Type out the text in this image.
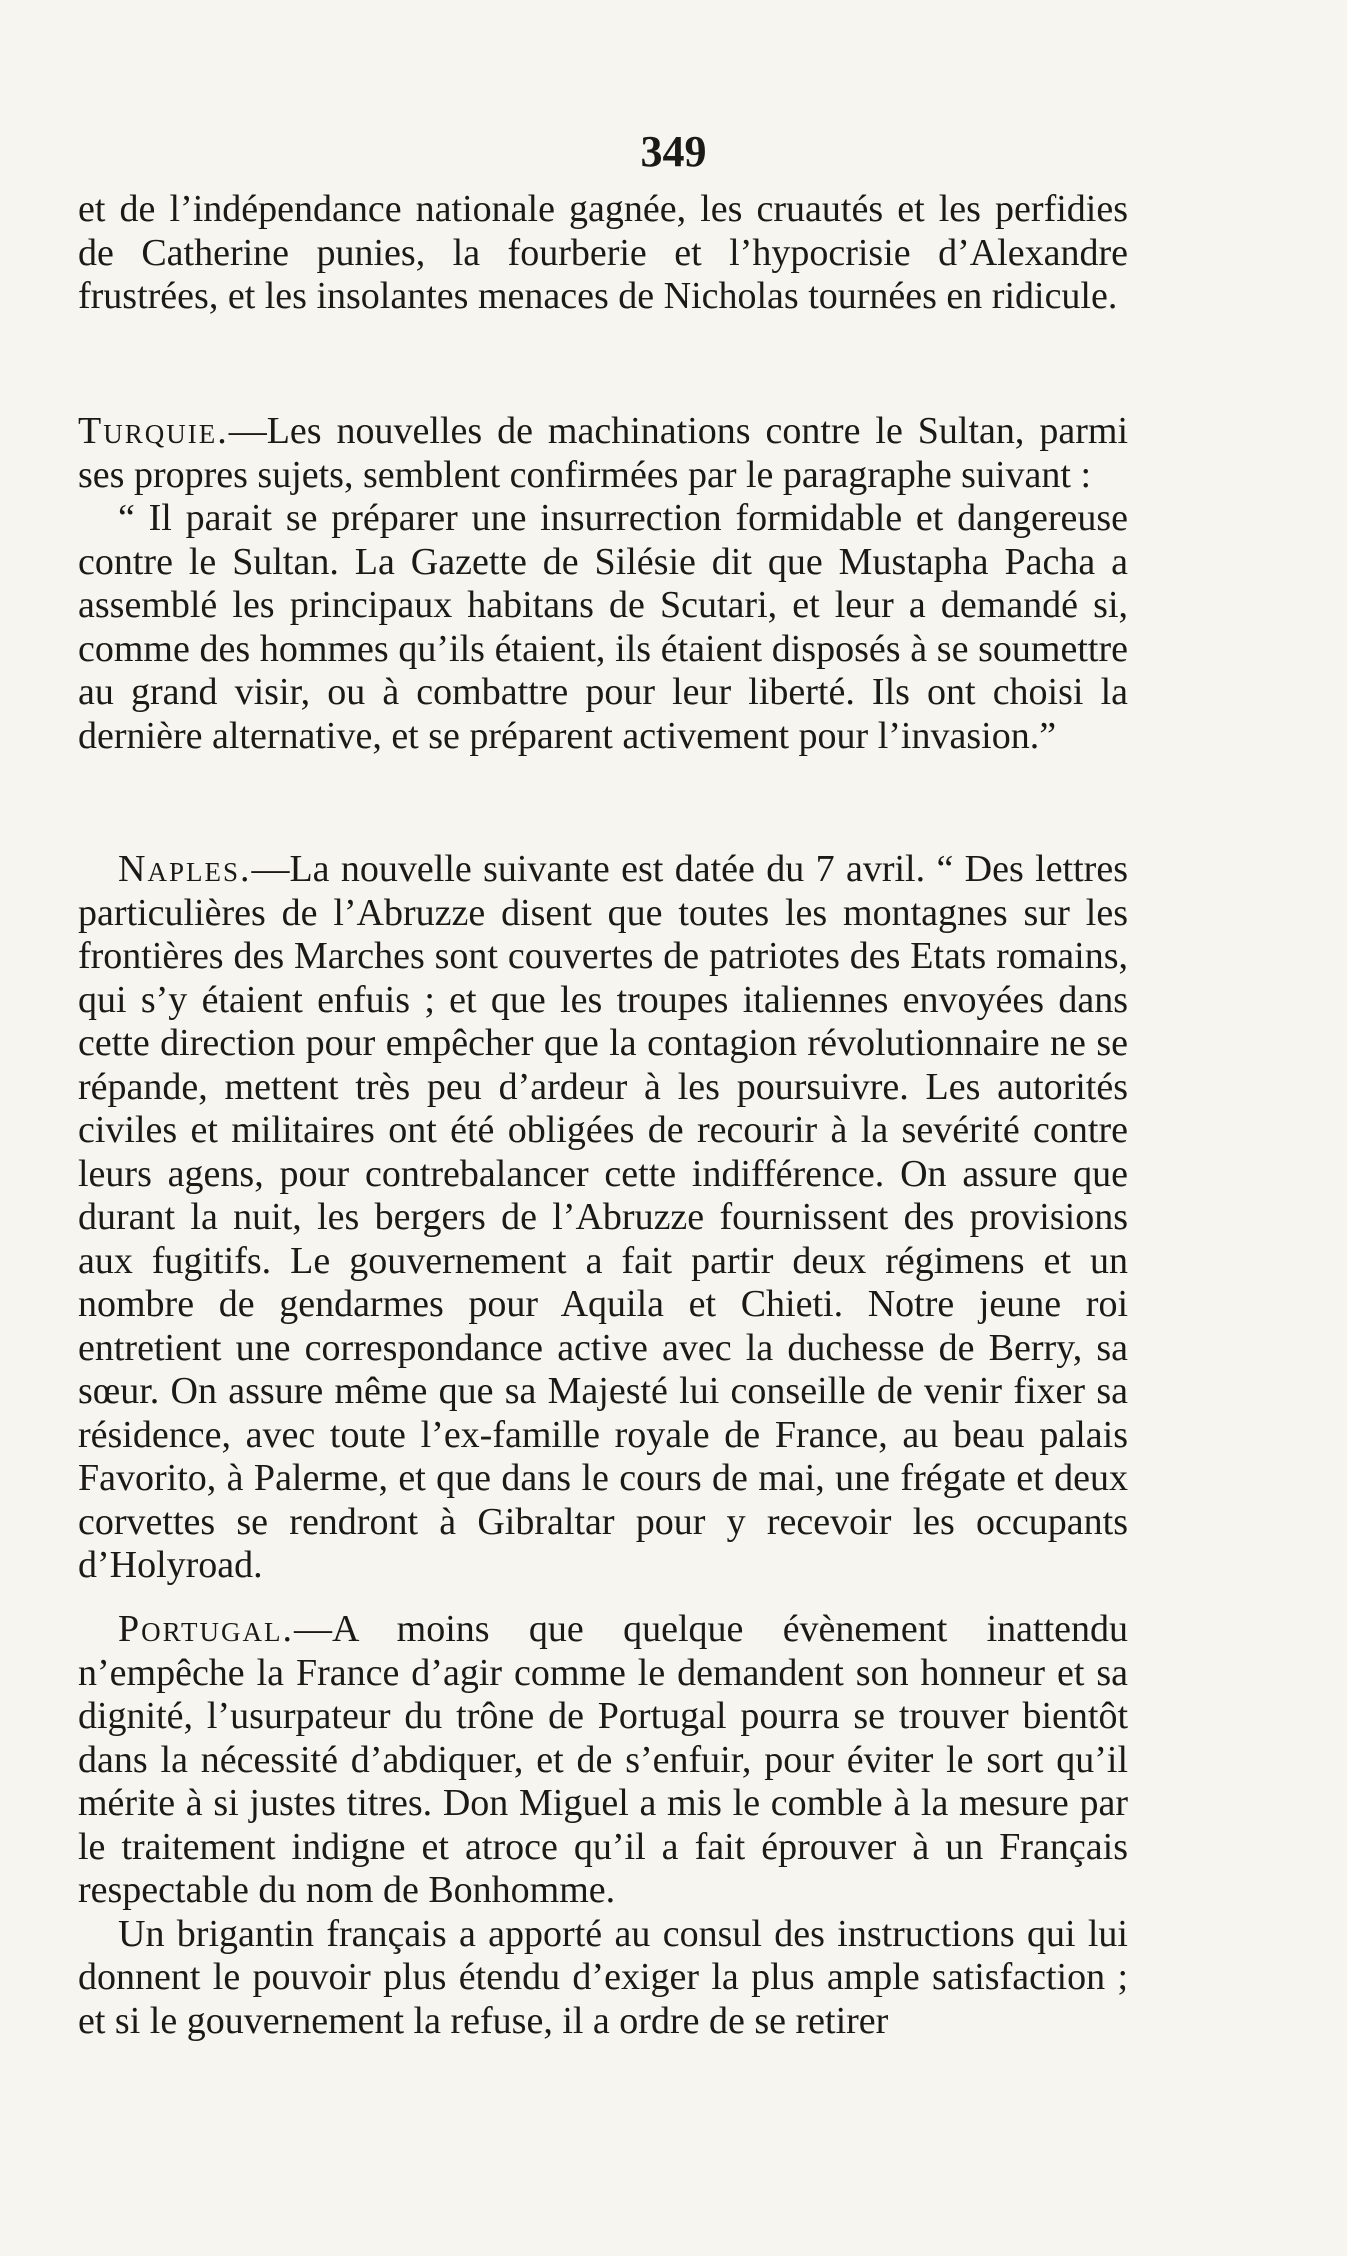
349

et de l’indépendance nationale gagnée, les cruautés et les perfidies de Catherine punies, la fourberie et l’hypocrisie d’Alexandre frustrées, et les insolantes menaces de Nicholas tournées en ridicule.

Turquie.—Les nouvelles de machinations contre le Sultan, parmi ses propres sujets, semblent confirmées par le paragraphe suivant :

“ Il parait se préparer une insurrection formidable et dangereuse contre le Sultan. La Gazette de Silésie dit que Mustapha Pacha a assemblé les principaux habitans de Scutari, et leur a demandé si, comme des hommes qu’ils étaient, ils étaient disposés à se soumettre au grand visir, ou à combattre pour leur liberté. Ils ont choisi la dernière alternative, et se préparent activement pour l’invasion.”

Naples.—La nouvelle suivante est datée du 7 avril. “ Des lettres particulières de l’Abruzze disent que toutes les montagnes sur les frontières des Marches sont couvertes de patriotes des Etats romains, qui s’y étaient enfuis ; et que les troupes italiennes envoyées dans cette direction pour empêcher que la contagion révolutionnaire ne se répande, mettent très peu d’ardeur à les poursuivre. Les autorités civiles et militaires ont été obligées de recourir à la sevérité contre leurs agens, pour contrebalancer cette indifférence. On assure que durant la nuit, les bergers de l’Abruzze fournissent des provisions aux fugitifs. Le gouvernement a fait partir deux régimens et un nombre de gendarmes pour Aquila et Chieti. Notre jeune roi entretient une correspondance active avec la duchesse de Berry, sa sœur. On assure même que sa Majesté lui conseille de venir fixer sa résidence, avec toute l’ex-famille royale de France, au beau palais Favorito, à Palerme, et que dans le cours de mai, une frégate et deux corvettes se rendront à Gibraltar pour y recevoir les occupants d’Holyroad.

Portugal.—A moins que quelque évènement inattendu n’empêche la France d’agir comme le demandent son honneur et sa dignité, l’usurpateur du trône de Portugal pourra se trouver bientôt dans la nécessité d’abdiquer, et de s’enfuir, pour éviter le sort qu’il mérite à si justes titres. Don Miguel a mis le comble à la mesure par le traitement indigne et atroce qu’il a fait éprouver à un Français respectable du nom de Bonhomme.

Un brigantin français a apporté au consul des instructions qui lui donnent le pouvoir plus étendu d’exiger la plus ample satisfaction ; et si le gouvernement la refuse, il a ordre de se retirer
